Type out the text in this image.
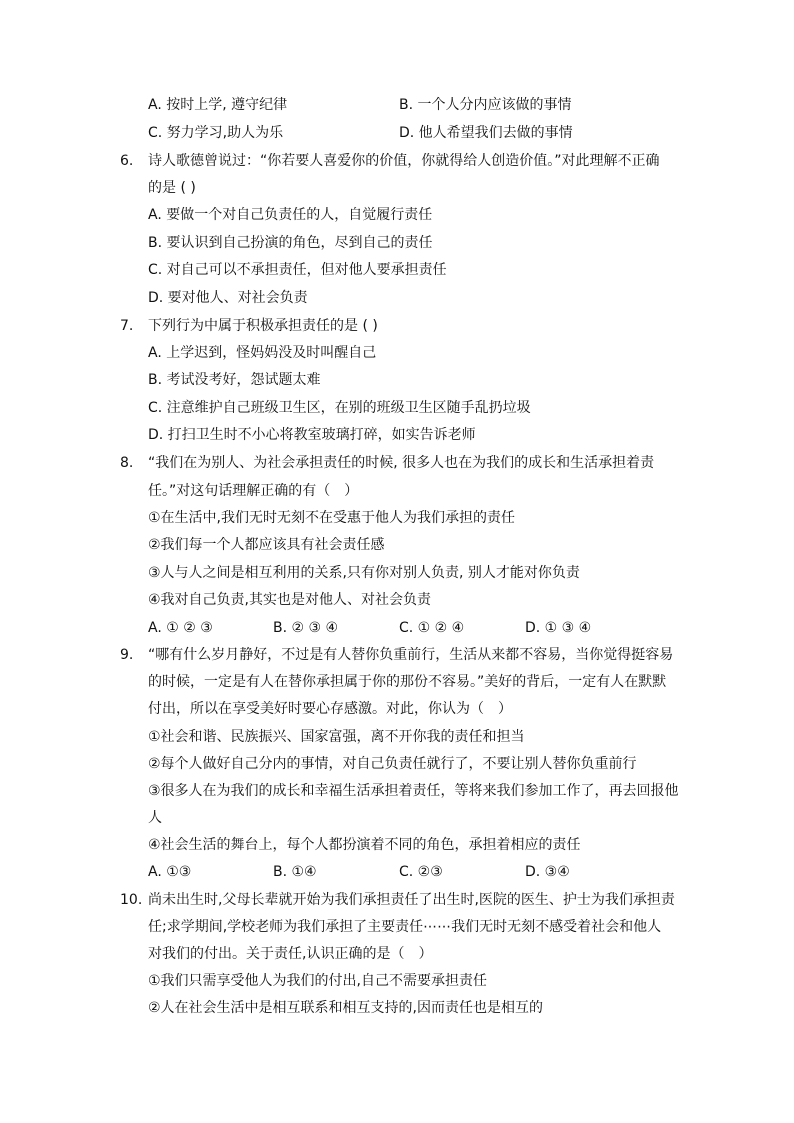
A. 按时上学, 遵守纪律	B. 一个人分内应该做的事情
C. 努力学习,助人为乐	D. 他人希望我们去做的事情
6. 诗人歌德曾说过：“你若要人喜爱你的价值，你就得给人创造价值。”对此理解不正确
的是 ( )
A. 要做一个对自己负责任的人，自觉履行责任
B. 要认识到自己扮演的角色，尽到自己的责任
C. 对自己可以不承担责任，但对他人要承担责任
D. 要对他人、对社会负责
7. 下列行为中属于积极承担责任的是 ( )
A. 上学迟到，怪妈妈没及时叫醒自己
B. 考试没考好，怨试题太难
C. 注意维护自己班级卫生区，在别的班级卫生区随手乱扔垃圾
D. 打扫卫生时不小心将教室玻璃打碎，如实告诉老师
8. “我们在为别人、为社会承担责任的时候, 很多人也在为我们的成长和生活承担着责
任。”对这句话理解正确的有（　）
①在生活中,我们无时无刻不在受惠于他人为我们承担的责任
②我们每一个人都应该具有社会责任感
③人与人之间是相互利用的关系,只有你对别人负责, 别人才能对你负责
④我对自己负责,其实也是对他人、对社会负责
A. ① ② ③	B. ② ③ ④	C. ① ② ④	D. ① ③ ④
9. “哪有什么岁月静好，不过是有人替你负重前行，生活从来都不容易，当你觉得挺容易
的时候，一定是有人在替你承担属于你的那份不容易。”美好的背后，一定有人在默默
付出，所以在享受美好时要心存感激。对此，你认为（　）
①社会和谐、民族振兴、国家富强，离不开你我的责任和担当
②每个人做好自己分内的事情，对自己负责任就行了，不要让别人替你负重前行
③很多人在为我们的成长和幸福生活承担着责任，等将来我们参加工作了，再去回报他
人
④社会生活的舞台上，每个人都扮演着不同的角色，承担着相应的责任
A. ①③	B. ①④	C. ②③	D. ③④
10. 尚未出生时,父母长辈就开始为我们承担责任了出生时,医院的医生、护士为我们承担责
任;求学期间,学校老师为我们承担了主要责任⋯⋯我们无时无刻不感受着社会和他人
对我们的付出。关于责任,认识正确的是（　）
①我们只需享受他人为我们的付出,自己不需要承担责任
②人在社会生活中是相互联系和相互支持的,因而责任也是相互的
